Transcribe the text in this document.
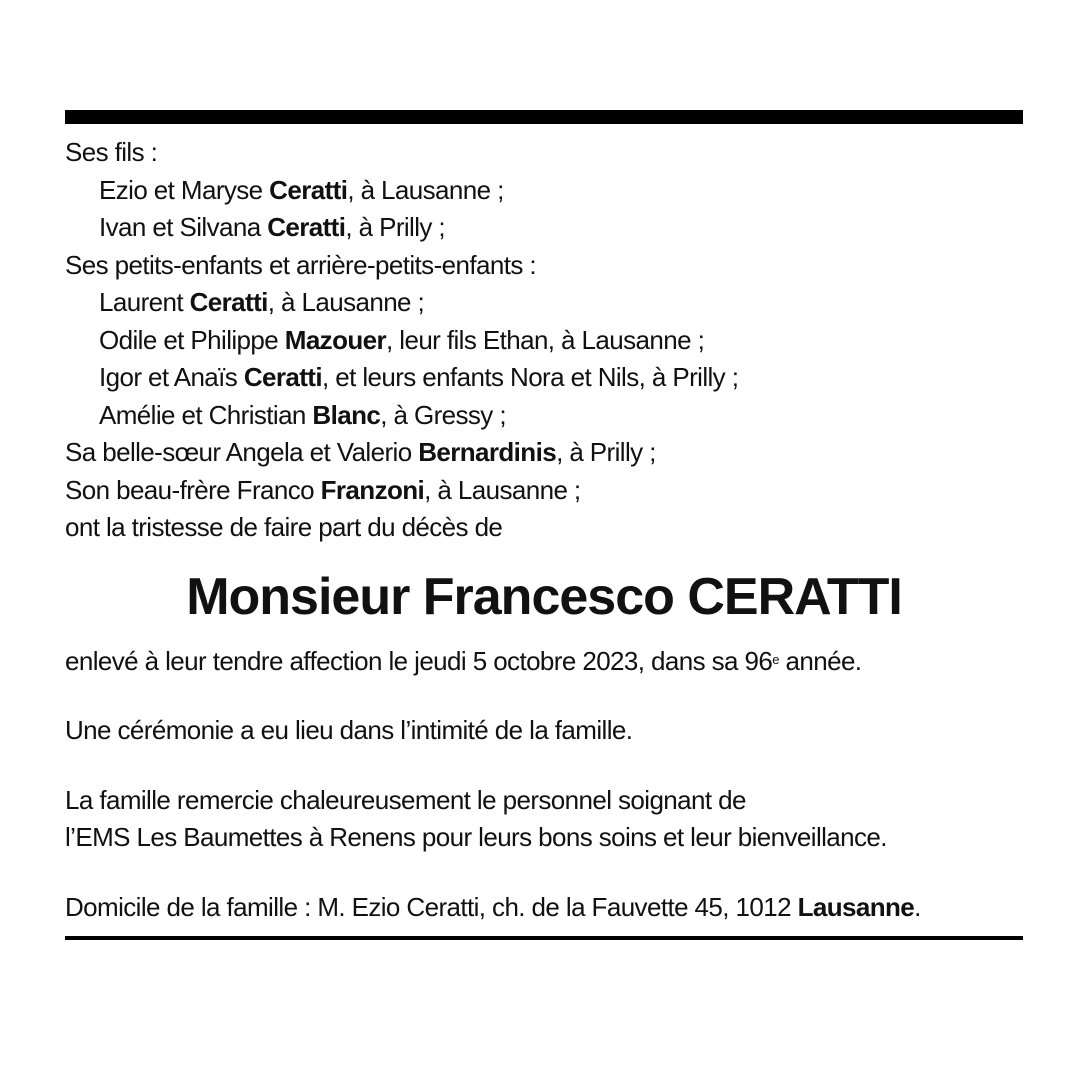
Ses fils :
Ezio et Maryse Ceratti, à Lausanne ;
Ivan et Silvana Ceratti, à Prilly ;
Ses petits-enfants et arrière-petits-enfants :
Laurent Ceratti, à Lausanne ;
Odile et Philippe Mazouer, leur fils Ethan, à Lausanne ;
Igor et Anaïs Ceratti, et leurs enfants Nora et Nils, à Prilly ;
Amélie et Christian Blanc, à Gressy ;
Sa belle-sœur Angela et Valerio Bernardinis, à Prilly ;
Son beau-frère Franco Franzoni, à Lausanne ;
ont la tristesse de faire part du décès de
Monsieur Francesco CERATTI
enlevé à leur tendre affection le jeudi 5 octobre 2023, dans sa 96e année.
Une cérémonie a eu lieu dans l’intimité de la famille.
La famille remercie chaleureusement le personnel soignant de
l’EMS Les Baumettes à Renens pour leurs bons soins et leur bienveillance.
Domicile de la famille : M. Ezio Ceratti, ch. de la Fauvette 45, 1012 Lausanne.
